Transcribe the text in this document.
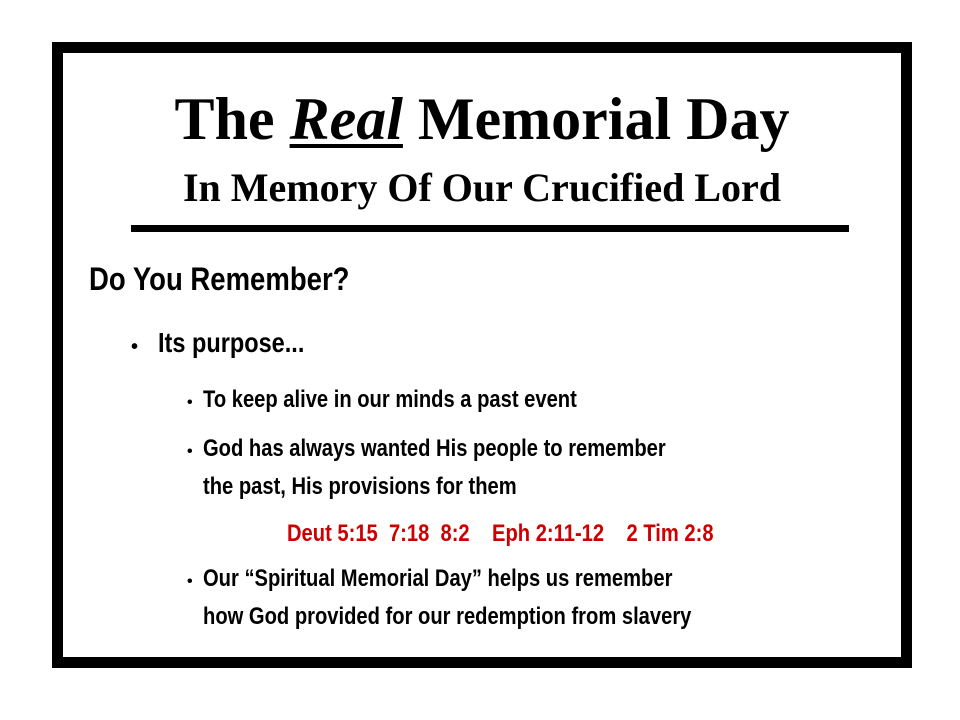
The Real Memorial Day
In Memory Of Our Crucified Lord
Do You Remember?
• Its purpose...
• To keep alive in our minds a past event
• God has always wanted His people to remember
the past, His provisions for them
Deut 5:15  7:18  8:2    Eph 2:11-12    2 Tim 2:8
• Our “Spiritual Memorial Day” helps us remember
how God provided for our redemption from slavery
